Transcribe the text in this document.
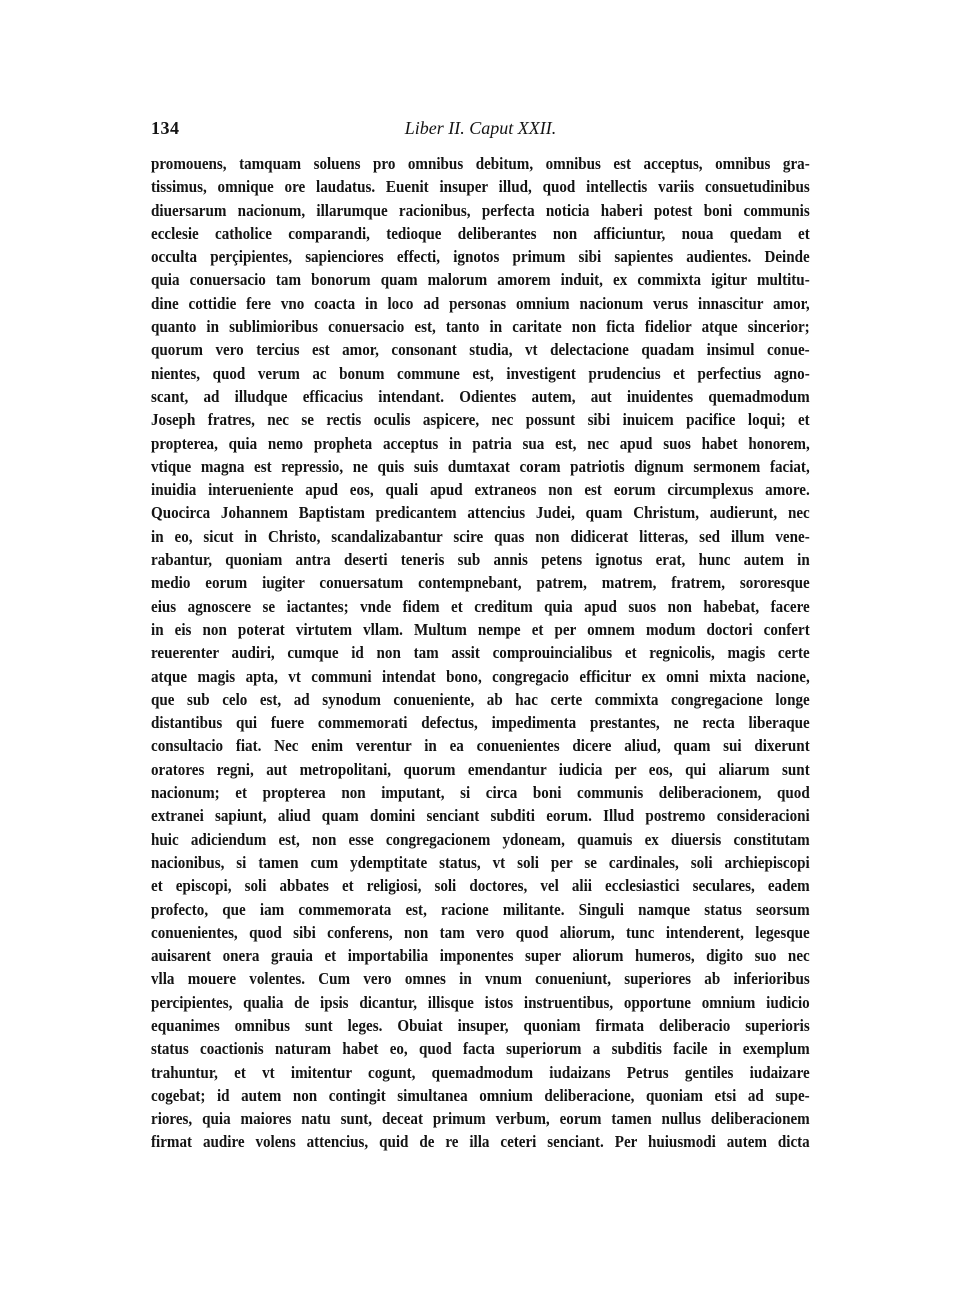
134	Liber II. Caput XXII.
promouens, tamquam soluens pro omnibus debitum, omnibus est acceptus, omnibus gra-
tissimus, omnique ore laudatus. Euenit insuper illud, quod intellectis variis consuetudinibus
diuersarum nacionum, illarumque racionibus, perfecta noticia haberi potest boni communis
ecclesie catholice comparandi, tedioque deliberantes non afficiuntur, noua quedam et
occulta perçipientes, sapienciores effecti, ignotos primum sibi sapientes audientes. Deinde
quia conuersacio tam bonorum quam malorum amorem induit, ex commixta igitur multitu-
dine cottidie fere vno coacta in loco ad personas omnium nacionum verus innascitur amor,
quanto in sublimioribus conuersacio est, tanto in caritate non ficta fidelior atque sincerior;
quorum vero tercius est amor, consonant studia, vt delectacione quadam insimul conue-
nientes, quod verum ac bonum commune est, investigent prudencius et perfectius agno-
scant, ad illudque efficacius intendant. Odientes autem, aut inuidentes quemadmodum
Joseph fratres, nec se rectis oculis aspicere, nec possunt sibi inuicem pacifice loqui; et
propterea, quia nemo propheta acceptus in patria sua est, nec apud suos habet honorem,
vtique magna est repressio, ne quis suis dumtaxat coram patriotis dignum sermonem faciat,
inuidia interueniente apud eos, quali apud extraneos non est eorum circumplexus amore.
Quocirca Johannem Baptistam predicantem attencius Judei, quam Christum, audierunt, nec
in eo, sicut in Christo, scandalizabantur scire quas non didicerat litteras, sed illum vene-
rabantur, quoniam antra deserti teneris sub annis petens ignotus erat, hunc autem in
medio eorum iugiter conuersatum contempnebant, patrem, matrem, fratrem, sororesque
eius agnoscere se iactantes; vnde fidem et creditum quia apud suos non habebat, facere
in eis non poterat virtutem vllam. Multum nempe et per omnem modum doctori confert
reuerenter audiri, cumque id non tam assit comprouincialibus et regnicolis, magis certe
atque magis apta, vt communi intendat bono, congregacio efficitur ex omni mixta nacione,
que sub celo est, ad synodum conueniente, ab hac certe commixta congregacione longe
distantibus qui fuere commemorati defectus, impedimenta prestantes, ne recta liberaque
consultacio fiat. Nec enim verentur in ea conuenientes dicere aliud, quam sui dixerunt
oratores regni, aut metropolitani, quorum emendantur iudicia per eos, qui aliarum sunt
nacionum; et propterea non imputant, si circa boni communis deliberacionem, quod
extranei sapiunt, aliud quam domini senciant subditi eorum. Illud postremo consideracioni
huic adiciendum est, non esse congregacionem ydoneam, quamuis ex diuersis constitutam
nacionibus, si tamen cum ydemptitate status, vt soli per se cardinales, soli archiepiscopi
et episcopi, soli abbates et religiosi, soli doctores, vel alii ecclesiastici seculares, eadem
profecto, que iam commemorata est, racione militante. Singuli namque status seorsum
conuenientes, quod sibi conferens, non tam vero quod aliorum, tunc intenderent, legesque
auisarent onera grauia et importabilia imponentes super aliorum humeros, digito suo nec
vlla mouere volentes. Cum vero omnes in vnum conueniunt, superiores ab inferioribus
percipientes, qualia de ipsis dicantur, illisque istos instruentibus, opportune omnium iudicio
equanimes omnibus sunt leges. Obuiat insuper, quoniam firmata deliberacio superioris
status coactionis naturam habet eo, quod facta superiorum a subditis facile in exemplum
trahuntur, et vt imitentur cogunt, quemadmodum iudaizans Petrus gentiles iudaizare
cogebat; id autem non contingit simultanea omnium deliberacione, quoniam etsi ad supe-
riores, quia maiores natu sunt, deceat primum verbum, eorum tamen nullus deliberacionem
firmat audire volens attencius, quid de re illa ceteri senciant. Per huiusmodi autem dicta
